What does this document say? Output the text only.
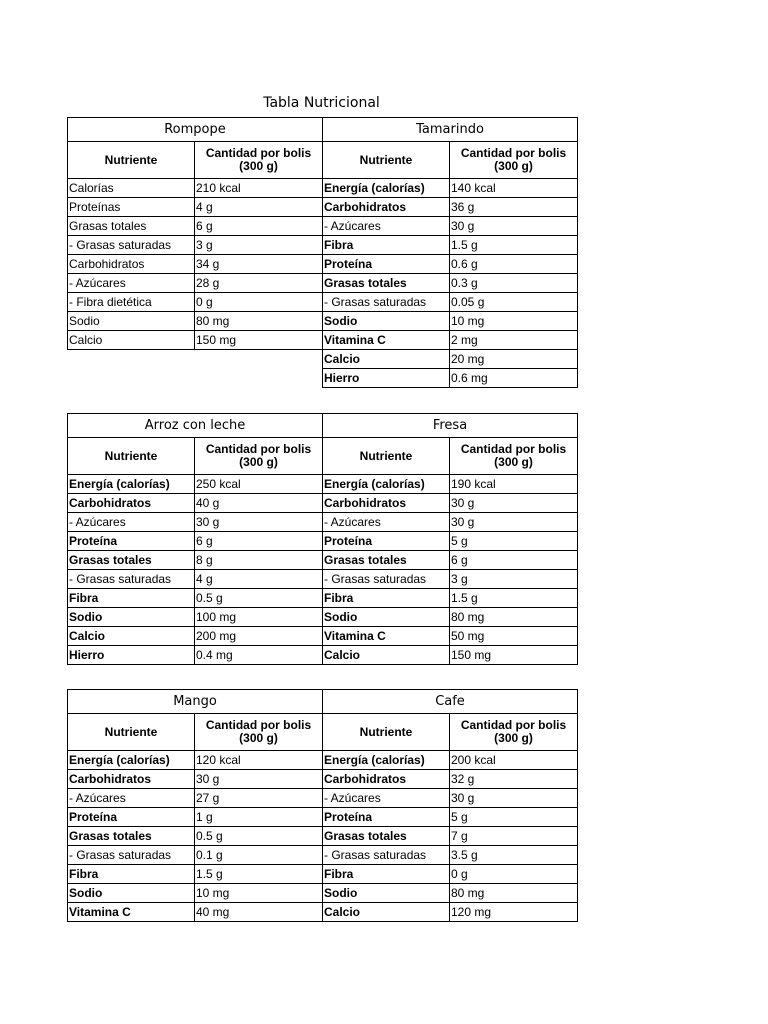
Tabla Nutricional
Rompope	
Nutriente	Cantidad por bolis
(300 g)
Calorías	210 kcal
Proteínas	4 g
Grasas totales	6 g
- Grasas saturadas	3 g
Carbohidratos	34 g
- Azúcares	28 g
- Fibra dietética	0 g
Sodio	80 mg
Calcio	150 mg
Tamarindo	
Nutriente	Cantidad por bolis
(300 g)
Energía (calorías)	140 kcal
Carbohidratos	36 g
- Azúcares	30 g
Fibra	1.5 g
Proteína	0.6 g
Grasas totales	0.3 g
- Grasas saturadas	0.05 g
Sodio	10 mg
Vitamina C	2 mg
Calcio	20 mg
Hierro	0.6 mg
Arroz con leche	
Nutriente	Cantidad por bolis
(300 g)
Energía (calorías)	250 kcal
Carbohidratos	40 g
- Azúcares	30 g
Proteína	6 g
Grasas totales	8 g
- Grasas saturadas	4 g
Fibra	0.5 g
Sodio	100 mg
Calcio	200 mg
Hierro	0.4 mg
Fresa	
Nutriente	Cantidad por bolis
(300 g)
Energía (calorías)	190 kcal
Carbohidratos	30 g
- Azúcares	30 g
Proteína	5 g
Grasas totales	6 g
- Grasas saturadas	3 g
Fibra	1.5 g
Sodio	80 mg
Vitamina C	50 mg
Calcio	150 mg
Mango	
Nutriente	Cantidad por bolis
(300 g)
Energía (calorías)	120 kcal
Carbohidratos	30 g
- Azúcares	27 g
Proteína	1 g
Grasas totales	0.5 g
- Grasas saturadas	0.1 g
Fibra	1.5 g
Sodio	10 mg
Vitamina C	40 mg
Cafe	
Nutriente	Cantidad por bolis
(300 g)
Energía (calorías)	200 kcal
Carbohidratos	32 g
- Azúcares	30 g
Proteína	5 g
Grasas totales	7 g
- Grasas saturadas	3.5 g
Fibra	0 g
Sodio	80 mg
Calcio	120 mg
